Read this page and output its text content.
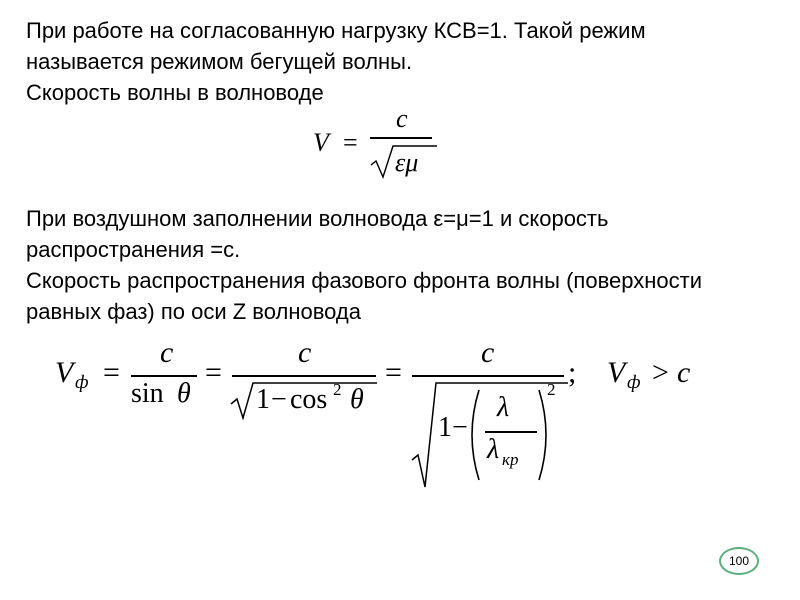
При работе на согласованную нагрузку КСВ=1. Такой режим
называется режимом бегущей волны.
Скорость волны в волноводе
V =
c
εμ
При воздушном заполнении волновода ε=μ=1 и скорость
распространения =с.
Скорость распространения фазового фронта волны (поверхности
равных фаз) по оси Z волновода
V ф =
c
sin θ
=
c
1 − cos 2 θ
=
c
1 −
λ
λ кр
2
; V ф > c
100
